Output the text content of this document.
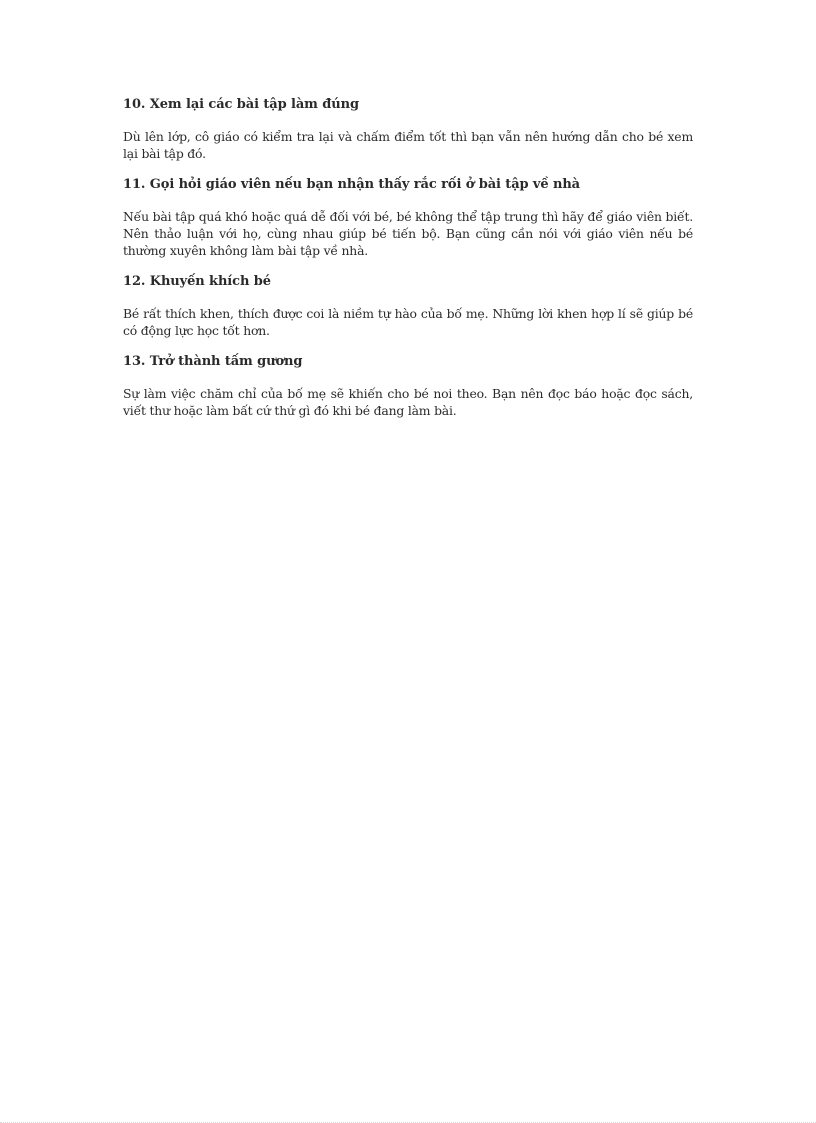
10. Xem lại các bài tập làm đúng

Dù lên lớp, cô giáo có kiểm tra lại và chấm điểm tốt thì bạn vẫn nên hướng dẫn cho bé xem lại bài tập đó.

11. Gọi hỏi giáo viên nếu bạn nhận thấy rắc rối ở bài tập về nhà

Nếu bài tập quá khó hoặc quá dễ đối với bé, bé không thể tập trung thì hãy để giáo viên biết. Nên thảo luận với họ, cùng nhau giúp bé tiến bộ. Bạn cũng cần nói với giáo viên nếu bé thường xuyên không làm bài tập về nhà.

12. Khuyến khích bé

Bé rất thích khen, thích được coi là niềm tự hào của bố mẹ. Những lời khen hợp lí sẽ giúp bé có động lực học tốt hơn.

13. Trở thành tấm gương

Sự làm việc chăm chỉ của bố mẹ sẽ khiến cho bé noi theo. Bạn nên đọc báo hoặc đọc sách, viết thư hoặc làm bất cứ thứ gì đó khi bé đang làm bài.
